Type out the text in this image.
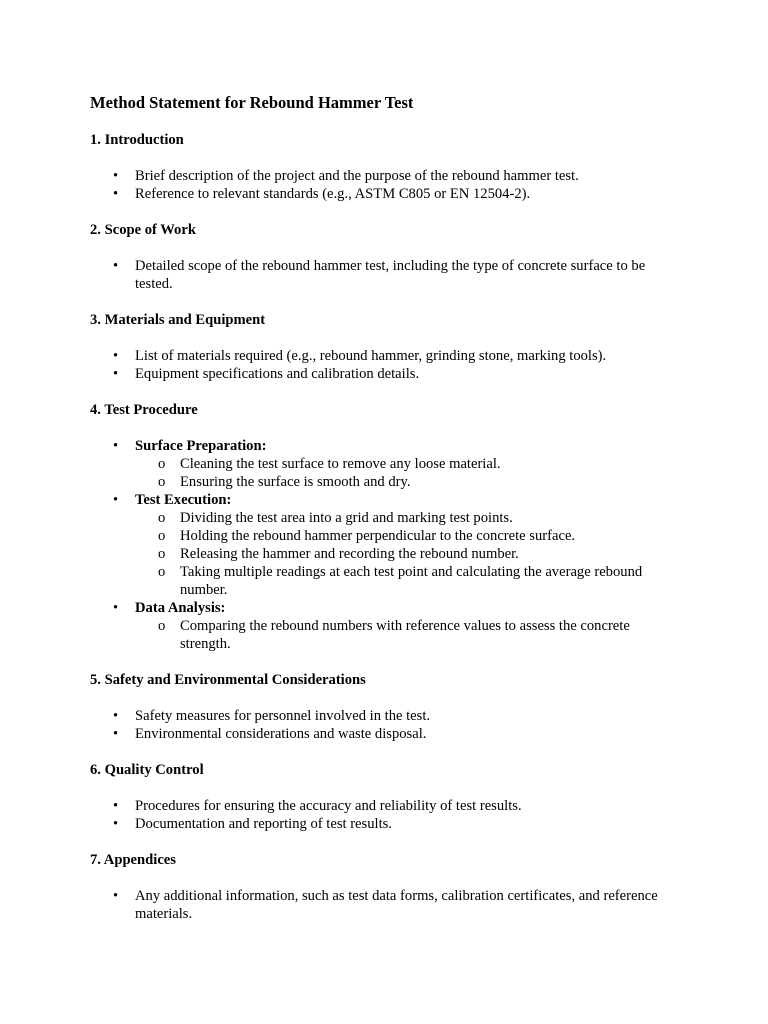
Method Statement for Rebound Hammer Test
1. Introduction
• Brief description of the project and the purpose of the rebound hammer test.
• Reference to relevant standards (e.g., ASTM C805 or EN 12504-2).
2. Scope of Work
• Detailed scope of the rebound hammer test, including the type of concrete surface to be tested.
3. Materials and Equipment
• List of materials required (e.g., rebound hammer, grinding stone, marking tools).
• Equipment specifications and calibration details.
4. Test Procedure
• Surface Preparation:
o Cleaning the test surface to remove any loose material.
o Ensuring the surface is smooth and dry.
• Test Execution:
o Dividing the test area into a grid and marking test points.
o Holding the rebound hammer perpendicular to the concrete surface.
o Releasing the hammer and recording the rebound number.
o Taking multiple readings at each test point and calculating the average rebound number.
• Data Analysis:
o Comparing the rebound numbers with reference values to assess the concrete strength.
5. Safety and Environmental Considerations
• Safety measures for personnel involved in the test.
• Environmental considerations and waste disposal.
6. Quality Control
• Procedures for ensuring the accuracy and reliability of test results.
• Documentation and reporting of test results.
7. Appendices
• Any additional information, such as test data forms, calibration certificates, and reference materials.
